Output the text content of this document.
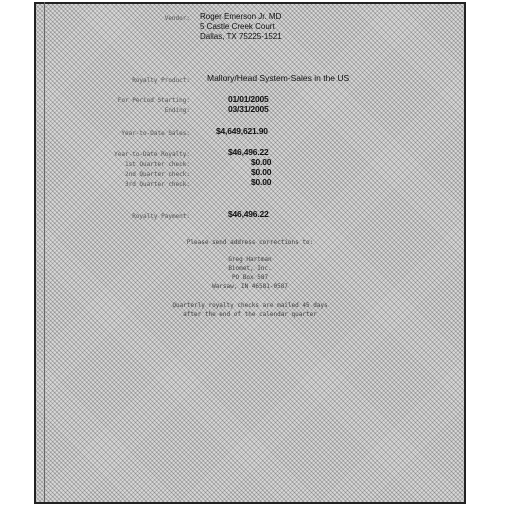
Vendor: Roger Emerson Jr. MD
5 Castle Creek Court
Dallas, TX 75225-1521
Royalty Product: Mallory/Head System-Sales in the US
For Period Starting:	01/01/2005
Ending:	03/31/2005
Year-to-Date Sales:	$4,649,621.90
Year-to-Date Royalty:	$46,496.22
1st Quarter check:	$0.00
2nd Quarter check:	$0.00
3rd Quarter check:	$0.00
Royalty Payment:	$46,496.22
Please send address corrections to:
Greg Hartman
Biomet, Inc.
PO Box 587
Warsaw, IN 46581-0587
Quarterly royalty checks are mailed 45 days
after the end of the calendar quarter
